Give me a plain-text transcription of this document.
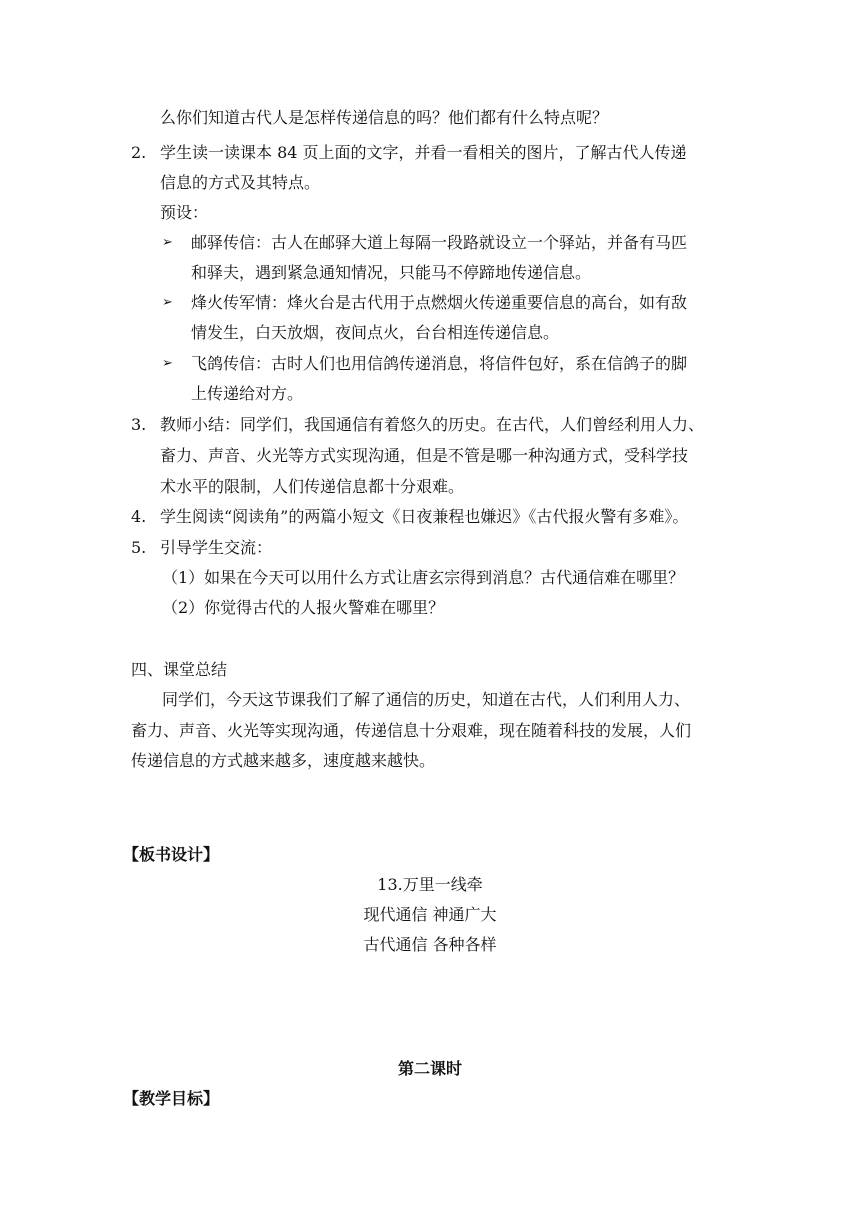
么你们知道古代人是怎样传递信息的吗？他们都有什么特点呢？
2. 学生读一读课本 84 页上面的文字，并看一看相关的图片，了解古代人传递
信息的方式及其特点。
预设：
➢ 邮驿传信：古人在邮驿大道上每隔一段路就设立一个驿站，并备有马匹
和驿夫，遇到紧急通知情况，只能马不停蹄地传递信息。
➢ 烽火传军情：烽火台是古代用于点燃烟火传递重要信息的高台，如有敌
情发生，白天放烟，夜间点火，台台相连传递信息。
➢ 飞鸽传信：古时人们也用信鸽传递消息，将信件包好，系在信鸽子的脚
上传递给对方。
3. 教师小结：同学们，我国通信有着悠久的历史。在古代，人们曾经利用人力、
畜力、声音、火光等方式实现沟通，但是不管是哪一种沟通方式，受科学技
术水平的限制，人们传递信息都十分艰难。
4. 学生阅读“阅读角”的两篇小短文《日夜兼程也嫌迟》《古代报火警有多难》。
5. 引导学生交流：
（1）如果在今天可以用什么方式让唐玄宗得到消息？古代通信难在哪里？
（2）你觉得古代的人报火警难在哪里？
四、课堂总结
同学们，今天这节课我们了解了通信的历史，知道在古代，人们利用人力、
畜力、声音、火光等实现沟通，传递信息十分艰难，现在随着科技的发展，人们
传递信息的方式越来越多，速度越来越快。
【板书设计】
13.万里一线牵
现代通信 神通广大
古代通信 各种各样
第二课时
【教学目标】
